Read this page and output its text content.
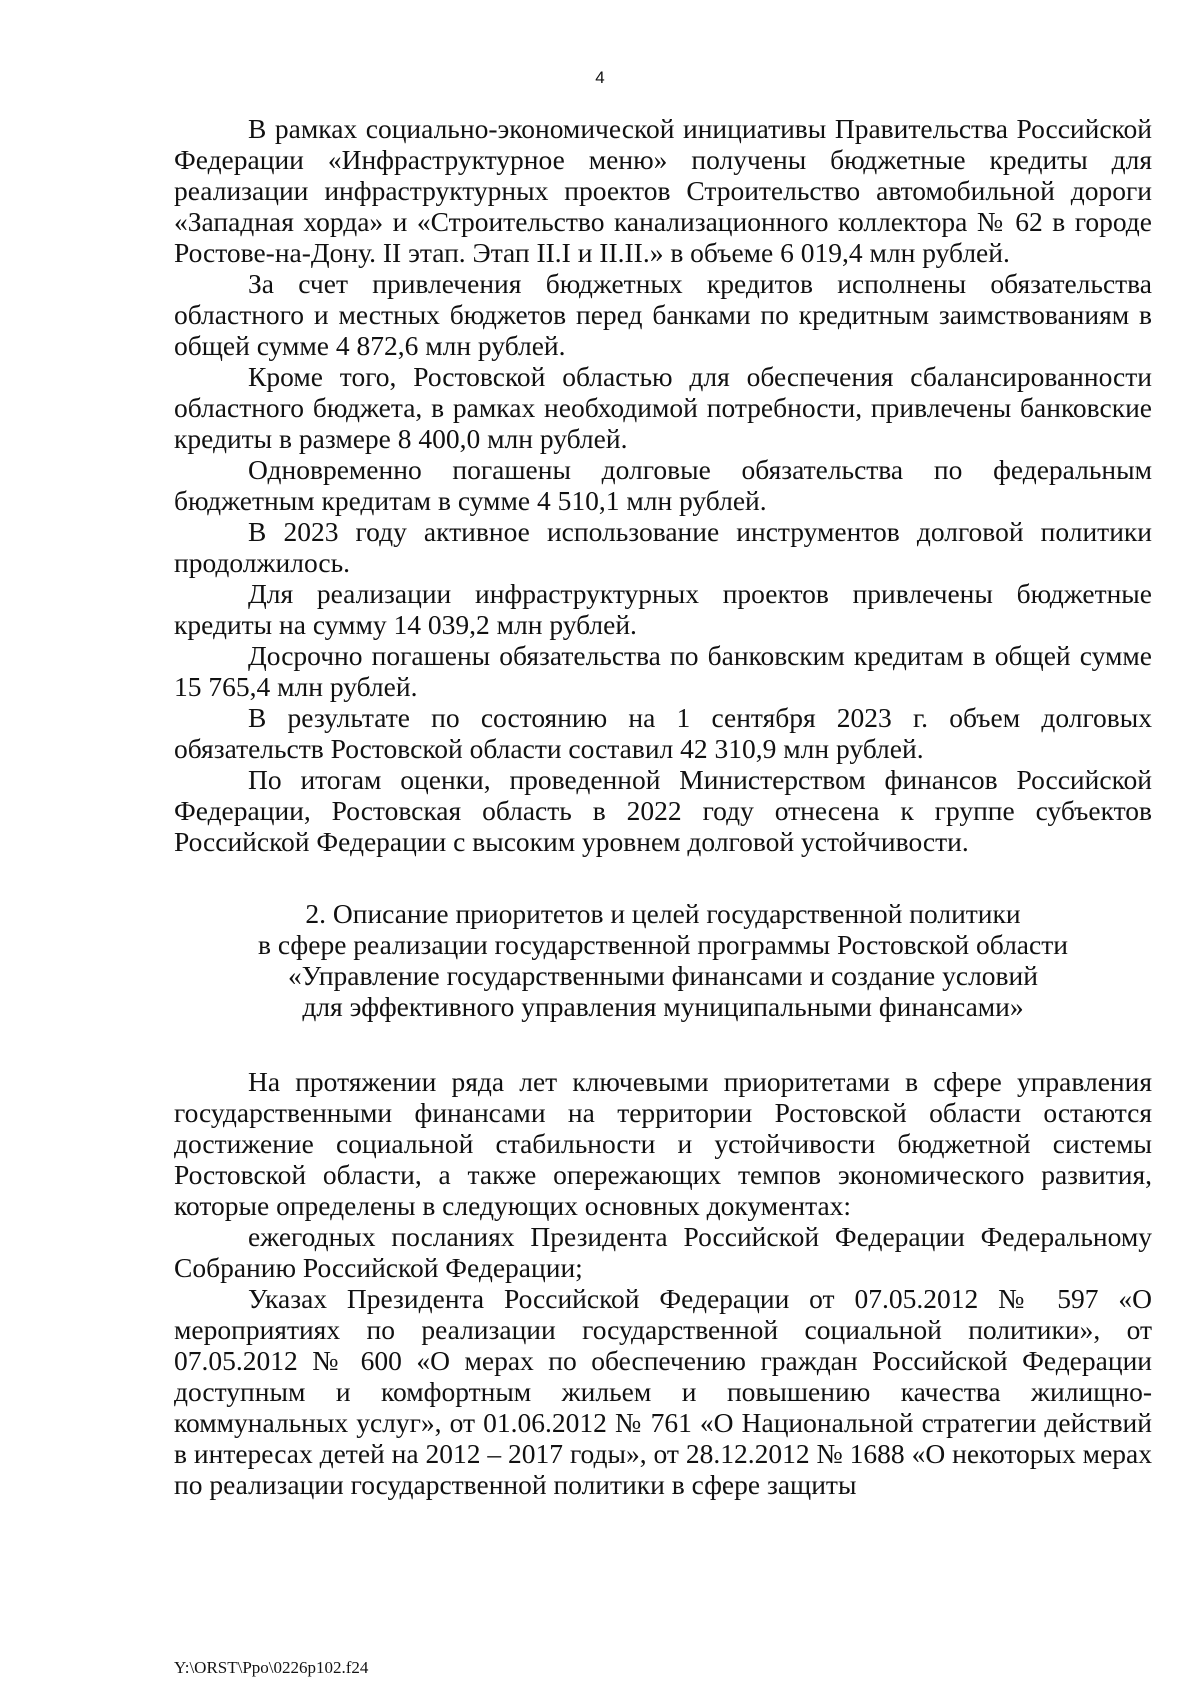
4

В рамках социально-экономической инициативы Правительства Российской Федерации «Инфраструктурное меню» получены бюджетные кредиты для реализации инфраструктурных проектов Строительство автомобильной дороги «Западная хорда» и «Строительство канализационного коллектора № 62 в городе Ростове-на-Дону. II этап. Этап II.I и II.II.» в объеме 6 019,4 млн рублей.

За счет привлечения бюджетных кредитов исполнены обязательства областного и местных бюджетов перед банками по кредитным заимствованиям в общей сумме 4 872,6 млн рублей.

Кроме того, Ростовской областью для обеспечения сбалансированности областного бюджета, в рамках необходимой потребности, привлечены банковские кредиты в размере 8 400,0 млн рублей.

Одновременно погашены долговые обязательства по федеральным бюджетным кредитам в сумме 4 510,1 млн рублей.

В 2023 году активное использование инструментов долговой политики продолжилось.

Для реализации инфраструктурных проектов привлечены бюджетные кредиты на сумму 14 039,2 млн рублей.

Досрочно погашены обязательства по банковским кредитам в общей сумме 15 765,4 млн рублей.

В результате по состоянию на 1 сентября 2023 г. объем долговых обязательств Ростовской области составил 42 310,9 млн рублей.

По итогам оценки, проведенной Министерством финансов Российской Федерации, Ростовская область в 2022 году отнесена к группе субъектов Российской Федерации с высоким уровнем долговой устойчивости.

2. Описание приоритетов и целей государственной политики
в сфере реализации государственной программы Ростовской области
«Управление государственными финансами и создание условий
для эффективного управления муниципальными финансами»

На протяжении ряда лет ключевыми приоритетами в сфере управления государственными финансами на территории Ростовской области остаются достижение социальной стабильности и устойчивости бюджетной системы Ростовской области, а также опережающих темпов экономического развития, которые определены в следующих основных документах:

ежегодных посланиях Президента Российской Федерации Федеральному Собранию Российской Федерации;

Указах Президента Российской Федерации от 07.05.2012 № 597 «О мероприятиях по реализации государственной социальной политики», от 07.05.2012 № 600 «О мерах по обеспечению граждан Российской Федерации доступным и комфортным жильем и повышению качества жилищно-коммунальных услуг», от 01.06.2012 № 761 «О Национальной стратегии действий в интересах детей на 2012 – 2017 годы», от 28.12.2012 № 1688 «О некоторых мерах по реализации государственной политики в сфере защиты

Y:\ORST\Ppo\0226p102.f24
